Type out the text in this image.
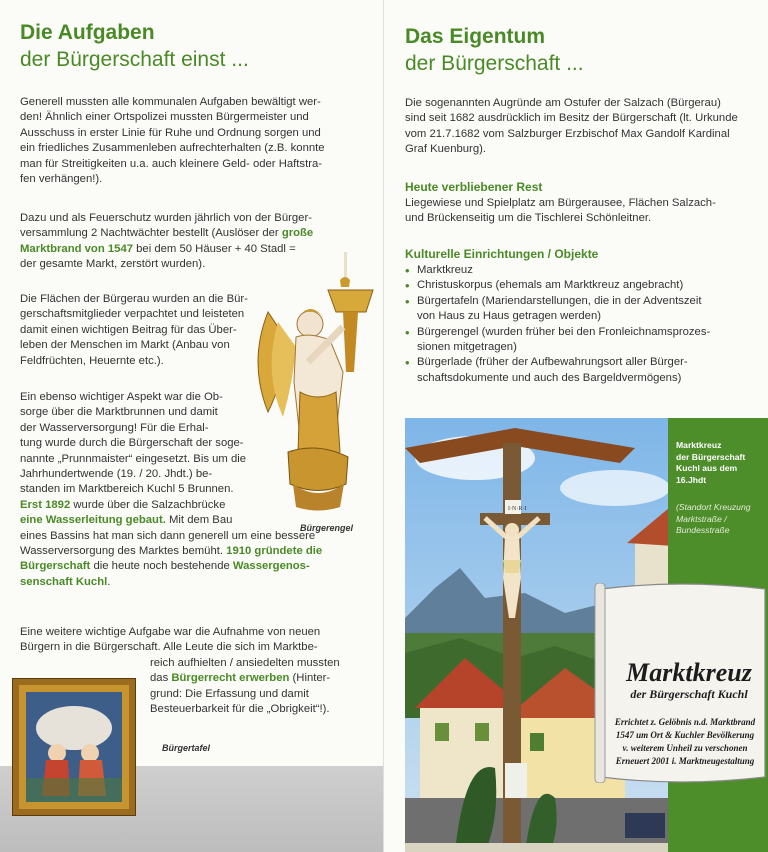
Die Aufgaben
der Bürgerschaft einst ...
Generell mussten alle kommunalen Aufgaben bewältigt wer-
den! Ähnlich einer Ortspolizei mussten Bürgermeister und
Ausschuss in erster Linie für Ruhe und Ordnung sorgen und
ein friedliches Zusammenleben aufrechterhalten (z.B. konnte
man für Streitigkeiten u.a. auch kleinere Geld- oder Haftstra-
fen verhängen!).
Dazu und als Feuerschutz wurden jährlich von der Bürger-
versammlung 2 Nachtwächter bestellt (Auslöser der große
Marktbrand von 1547 bei dem 50 Häuser + 40 Stadl =
der gesamte Markt, zerstört wurden).
Die Flächen der Bürgerau wurden an die Bür-
gerschaftsmitglieder verpachtet und leisteten
damit einen wichtigen Beitrag für das Über-
leben der Menschen im Markt (Anbau von
Feldfrüchten, Heuernte etc.).
Ein ebenso wichtiger Aspekt war die Ob-
sorge über die Marktbrunnen und damit
der Wasserversorgung! Für die Erhal-
tung wurde durch die Bürgerschaft der soge-
nannte „Prunnmaister“ eingesetzt. Bis um die
Jahrhundertwende (19. / 20. Jhdt.) be-
standen im Marktbereich Kuchl 5 Brunnen.
Erst 1892 wurde über die Salzachbrücke
eine Wasserleitung gebaut. Mit dem Bau
eines Bassins hat man sich dann generell um eine bessere
Wasserversorgung des Marktes bemüht. 1910 gründete die
Bürgerschaft die heute noch bestehende Wassergenos-
senschaft Kuchl.
Eine weitere wichtige Aufgabe war die Aufnahme von neuen
Bürgern in die Bürgerschaft. Alle Leute die sich im Marktbe-
reich aufhielten / ansiedelten mussten
das Bürgerrecht erwerben (Hinter-
grund: Die Erfassung und damit
Besteuerbarkeit für die „Obrigkeit“!).
Bürgerengel
Bürgertafel
Das Eigentum
der Bürgerschaft ...
Die sogenannten Augründe am Ostufer der Salzach (Bürgerau)
sind seit 1682 ausdrücklich im Besitz der Bürgerschaft (lt. Urkunde
vom 21.7.1682 vom Salzburger Erzbischof Max Gandolf Kardinal
Graf Kuenburg).
Heute verbliebener Rest
Liegewiese und Spielplatz am Bürgerausee, Flächen Salzach-
und Brückenseitig um die Tischlerei Schönleitner.
Kulturelle Einrichtungen / Objekte
• Marktkreuz
• Christuskorpus (ehemals am Marktkreuz angebracht)
• Bürgertafeln (Mariendarstellungen, die in der Adventszeit
von Haus zu Haus getragen werden)
• Bürgerengel (wurden früher bei den Fronleichnamsprozes-
sionen mitgetragen)
• Bürgerlade (früher der Aufbewahrungsort aller Bürger-
schaftsdokumente und auch des Bargeldvermögens)
I·N·R·I
Marktkreuz
der Bürgerschaft
Kuchl aus dem
16.Jhdt
(Standort Kreuzung
Marktstraße /
Bundesstraße
Marktkreuz
der Bürgerschaft Kuchl
Errichtet z. Gelöbnis n.d. Marktbrand
1547 um Ort & Kuchler Bevölkerung
v. weiterem Unheil zu verschonen
Erneuert 2001 i. Marktneugestaltung
